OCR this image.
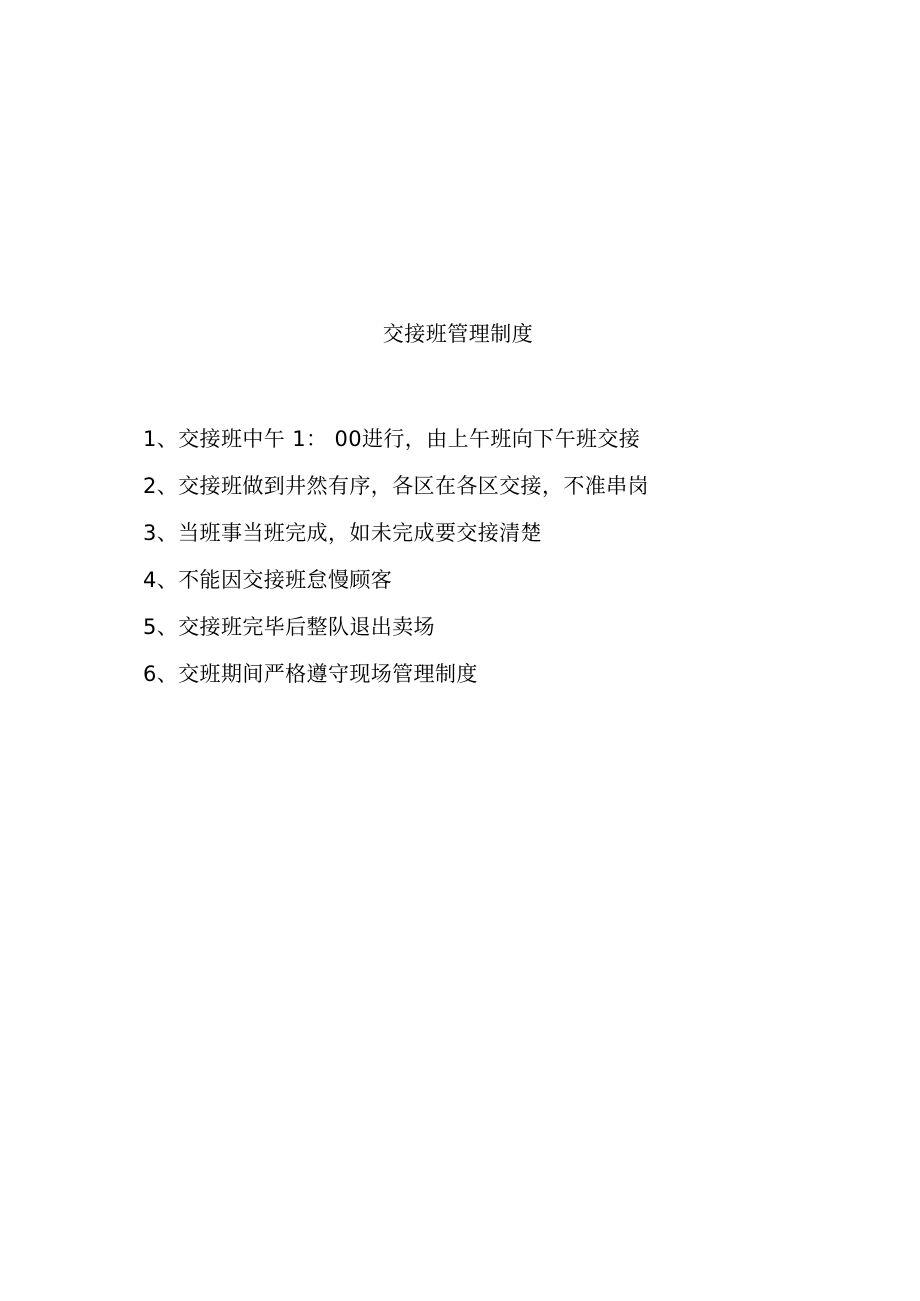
交接班管理制度
1、交接班中午 1： 00进行，由上午班向下午班交接
2、交接班做到井然有序，各区在各区交接，不准串岗
3、当班事当班完成，如未完成要交接清楚
4、不能因交接班怠慢顾客
5、交接班完毕后整队退出卖场
6、交班期间严格遵守现场管理制度
